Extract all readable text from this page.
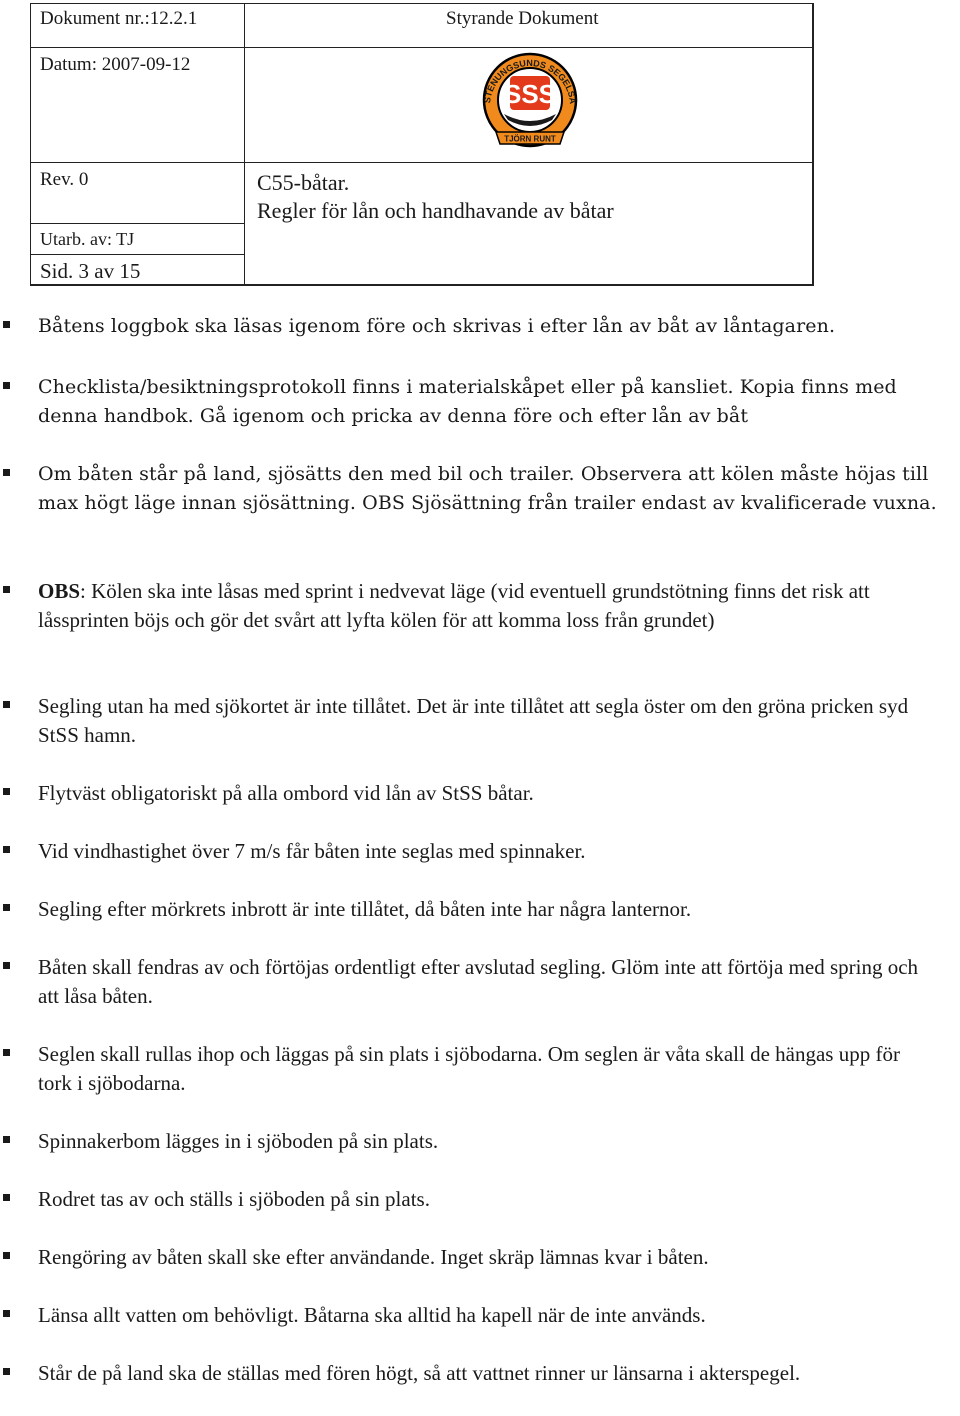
Dokument nr.:12.2.1	Styrande Dokument
Datum: 2007-09-12
Rev. 0
Utarb. av: TJ
Sid. 3 av 15
C55-båtar.
Regler för lån och handhavande av båtar
STENUNGSUNDS SEGELSÄ
SSS
TJÖRN RUNT
Båtens loggbok ska läsas igenom före och skrivas i efter lån av båt av låntagaren.
Checklista/besiktningsprotokoll finns i materialskåpet eller på kansliet. Kopia finns med denna handbok. Gå igenom och pricka av denna före och efter lån av båt
Om båten står på land, sjösätts den med bil och trailer. Observera att kölen måste höjas till max högt läge innan sjösättning. OBS Sjösättning från trailer endast av kvalificerade vuxna.
OBS: Kölen ska inte låsas med sprint i nedvevat läge (vid eventuell grundstötning finns det risk att låssprinten böjs och gör det svårt att lyfta kölen för att komma loss från grundet)
Segling utan ha med sjökortet är inte tillåtet. Det är inte tillåtet att segla öster om den gröna pricken syd StSS hamn.
Flytväst obligatoriskt på alla ombord vid lån av StSS båtar.
Vid vindhastighet över 7 m/s får båten inte seglas med spinnaker.
Segling efter mörkrets inbrott är inte tillåtet, då båten inte har några lanternor.
Båten skall fendras av och förtöjas ordentligt efter avslutad segling. Glöm inte att förtöja med spring och att låsa båten.
Seglen skall rullas ihop och läggas på sin plats i sjöbodarna. Om seglen är våta skall de hängas upp för tork i sjöbodarna.
Spinnakerbom lägges in i sjöboden på sin plats.
Rodret tas av och ställs i sjöboden på sin plats.
Rengöring av båten skall ske efter användande. Inget skräp lämnas kvar i båten.
Länsa allt vatten om behövligt. Båtarna ska alltid ha kapell när de inte används.
Står de på land ska de ställas med fören högt, så att vattnet rinner ur länsarna i akterspegel.
